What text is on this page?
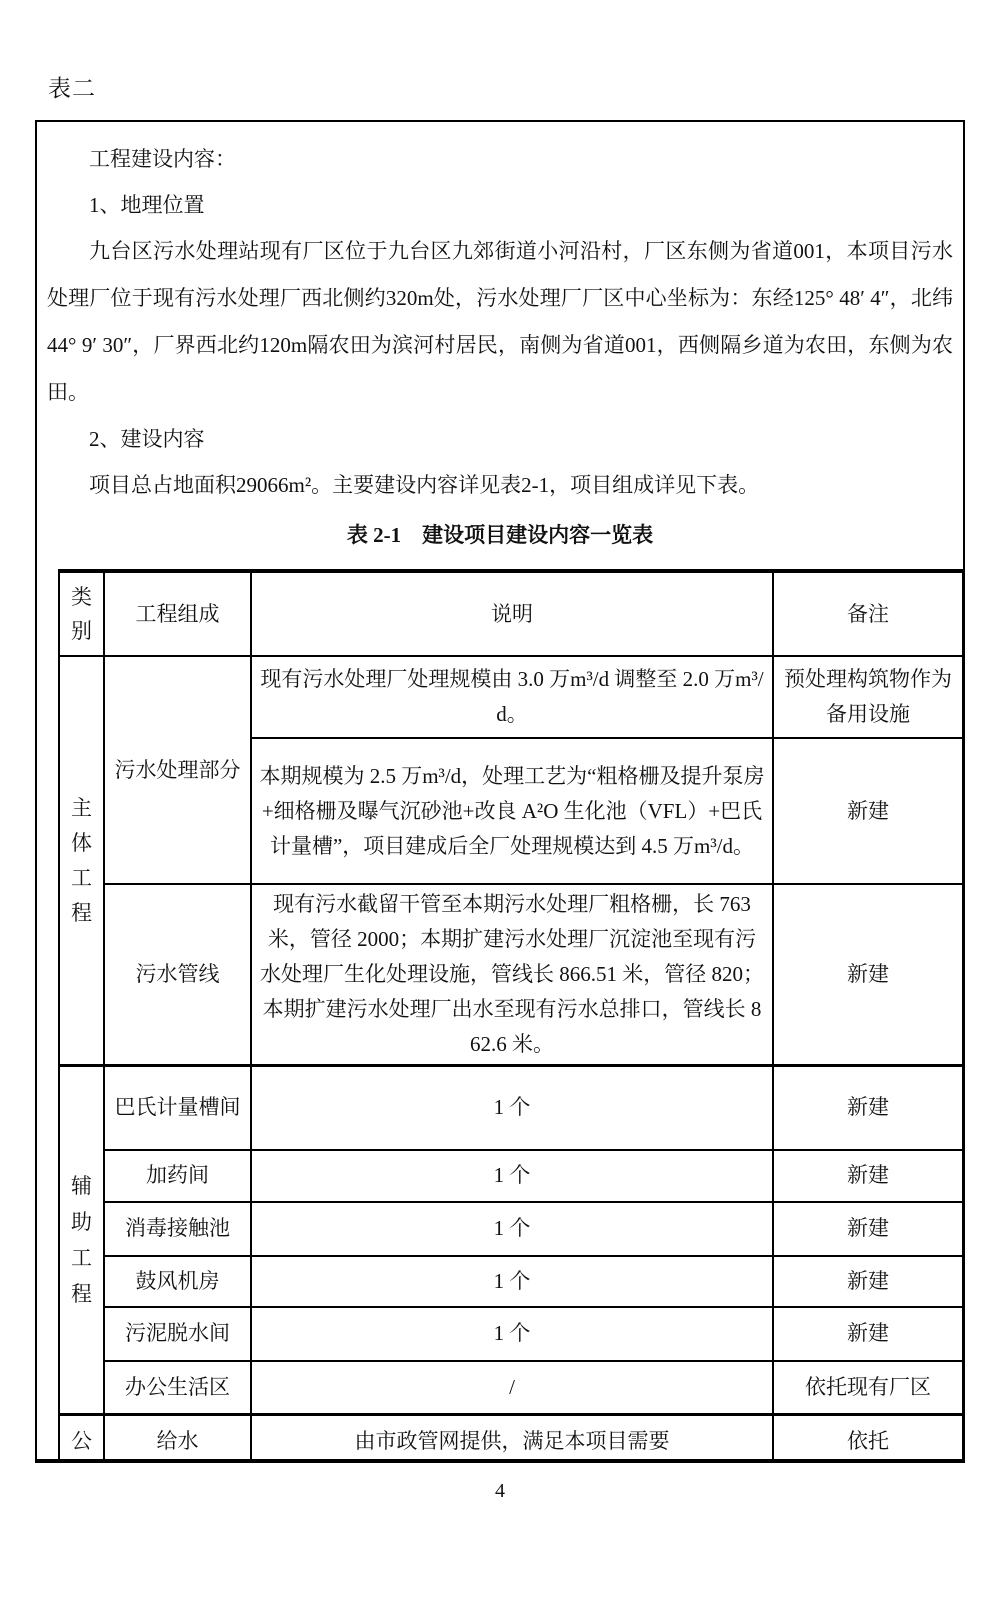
表二

工程建设内容：

1、地理位置

九台区污水处理站现有厂区位于九台区九郊街道小河沿村，厂区东侧为省道001，本项目污水处理厂位于现有污水处理厂西北侧约320m处，污水处理厂厂区中心坐标为：东经125° 48′ 4″，北纬44° 9′ 30″，厂界西北约120m隔农田为滨河村居民，南侧为省道001，西侧隔乡道为农田，东侧为农田。

2、建设内容

项目总占地面积29066m²。主要建设内容详见表2-1，项目组成详见下表。

表 2-1　建设项目建设内容一览表

类别	工程组成	说明	备注
主体工程	污水处理部分	现有污水处理厂处理规模由 3.0 万m³/d 调整至 2.0 万m³/d。	预处理构筑物作为备用设施
		本期规模为 2.5 万m³/d，处理工艺为“粗格栅及提升泵房+细格栅及曝气沉砂池+改良 A²O 生化池（VFL）+巴氏计量槽”，项目建成后全厂处理规模达到 4.5 万m³/d。	新建
	污水管线	现有污水截留干管至本期污水处理厂粗格栅，长 763 米，管径 2000；本期扩建污水处理厂沉淀池至现有污水处理厂生化处理设施，管线长 866.51 米，管径 820；本期扩建污水处理厂出水至现有污水总排口，管线长 862.6 米。	新建
辅助工程	巴氏计量槽间	1 个	新建
	加药间	1 个	新建
	消毒接触池	1 个	新建
	鼓风机房	1 个	新建
	污泥脱水间	1 个	新建
	办公生活区	/	依托现有厂区
公	给水	由市政管网提供，满足本项目需要	依托
4
